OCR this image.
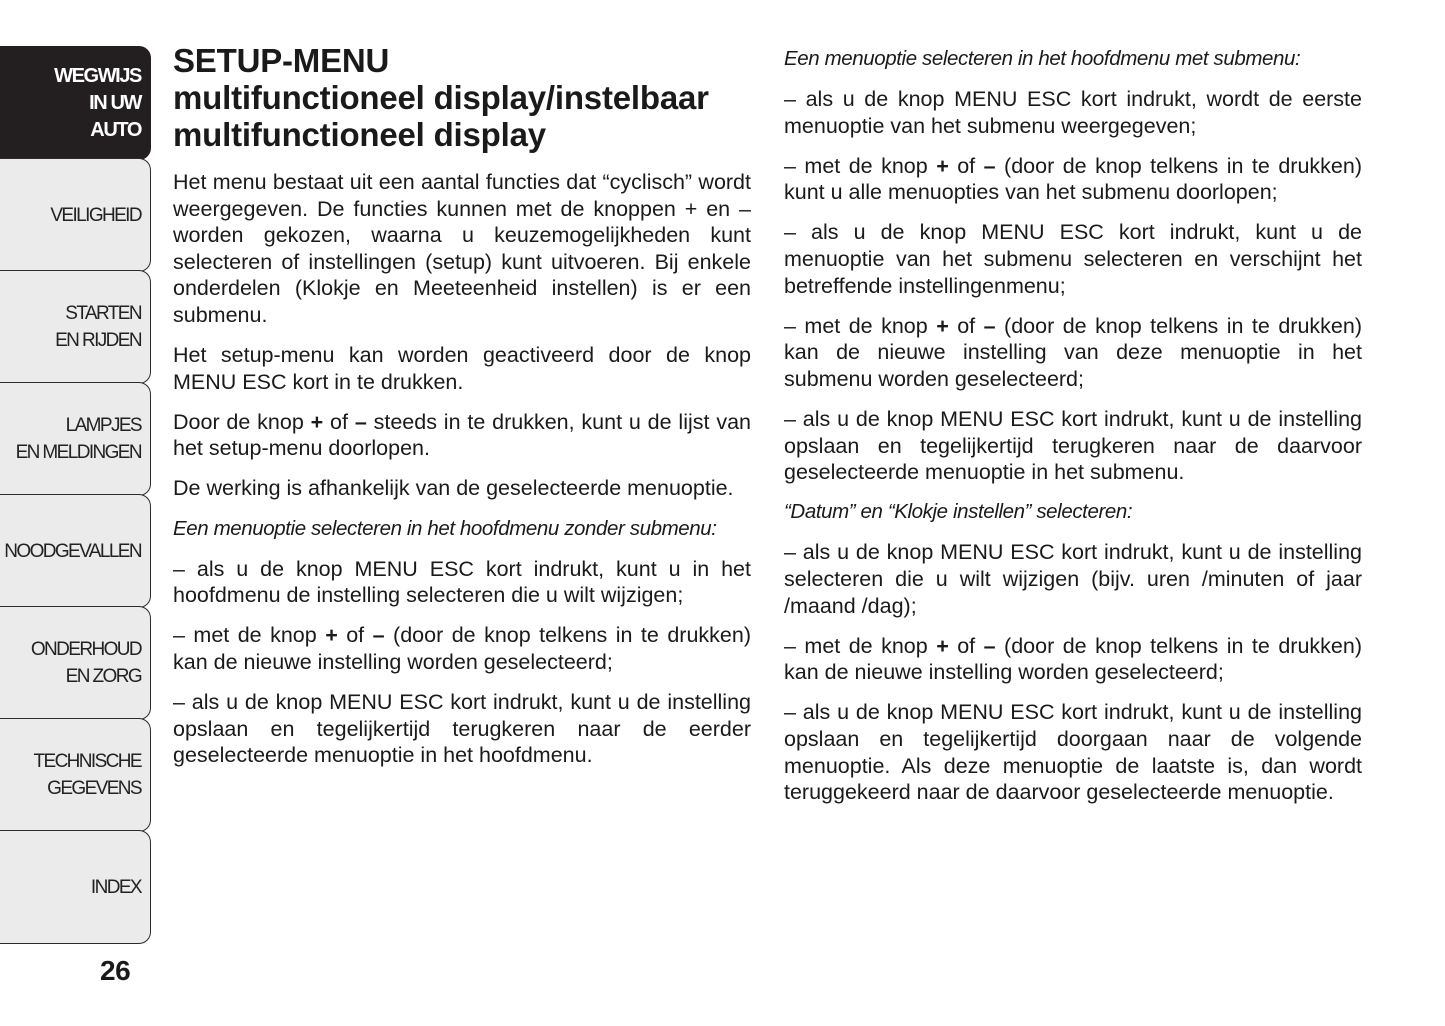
WEGWIJS
IN UW
AUTO
VEILIGHEID
STARTEN
EN RIJDEN
LAMPJES
EN MELDINGEN
NOODGEVALLEN
ONDERHOUD
EN ZORG
TECHNISCHE
GEGEVENS
INDEX
26
SETUP-MENU
multifunctioneel display/instelbaar
multifunctioneel display

Het menu bestaat uit een aantal functies dat “cyclisch” wordt weergegeven. De functies kunnen met de knoppen + en – worden gekozen, waarna u keuzemogelijkheden kunt selecteren of instellingen (setup) kunt uitvoeren. Bij enkele onderdelen (Klokje en Meeteenheid instellen) is er een submenu.

Het setup-menu kan worden geactiveerd door de knop MENU ESC kort in te drukken.

Door de knop + of – steeds in te drukken, kunt u de lijst van het setup-menu doorlopen.

De werking is afhankelijk van de geselecteerde menuoptie.

Een menuoptie selecteren in het hoofdmenu zonder submenu:

– als u de knop MENU ESC kort indrukt, kunt u in het hoofdmenu de instelling selecteren die u wilt wijzigen;

– met de knop + of – (door de knop telkens in te drukken) kan de nieuwe instelling worden geselecteerd;

– als u de knop MENU ESC kort indrukt, kunt u de instelling opslaan en tegelijkertijd terugkeren naar de eerder geselecteerde menuoptie in het hoofdmenu.

Een menuoptie selecteren in het hoofdmenu met submenu:

– als u de knop MENU ESC kort indrukt, wordt de eerste menuoptie van het submenu weergegeven;

– met de knop + of – (door de knop telkens in te drukken) kunt u alle menuopties van het submenu doorlopen;

– als u de knop MENU ESC kort indrukt, kunt u de menuoptie van het submenu selecteren en verschijnt het betreffende instellingenmenu;

– met de knop + of – (door de knop telkens in te drukken) kan de nieuwe instelling van deze menuoptie in het submenu worden geselecteerd;

– als u de knop MENU ESC kort indrukt, kunt u de instelling opslaan en tegelijkertijd terugkeren naar de daarvoor geselecteerde menuoptie in het submenu.

“Datum” en “Klokje instellen” selecteren:

– als u de knop MENU ESC kort indrukt, kunt u de instelling selecteren die u wilt wijzigen (bijv. uren /minuten of jaar /maand /dag);

– met de knop + of – (door de knop telkens in te drukken) kan de nieuwe instelling worden geselecteerd;

– als u de knop MENU ESC kort indrukt, kunt u de instelling opslaan en tegelijkertijd doorgaan naar de volgende menuoptie. Als deze menuoptie de laatste is, dan wordt teruggekeerd naar de daarvoor geselecteerde menuoptie.
